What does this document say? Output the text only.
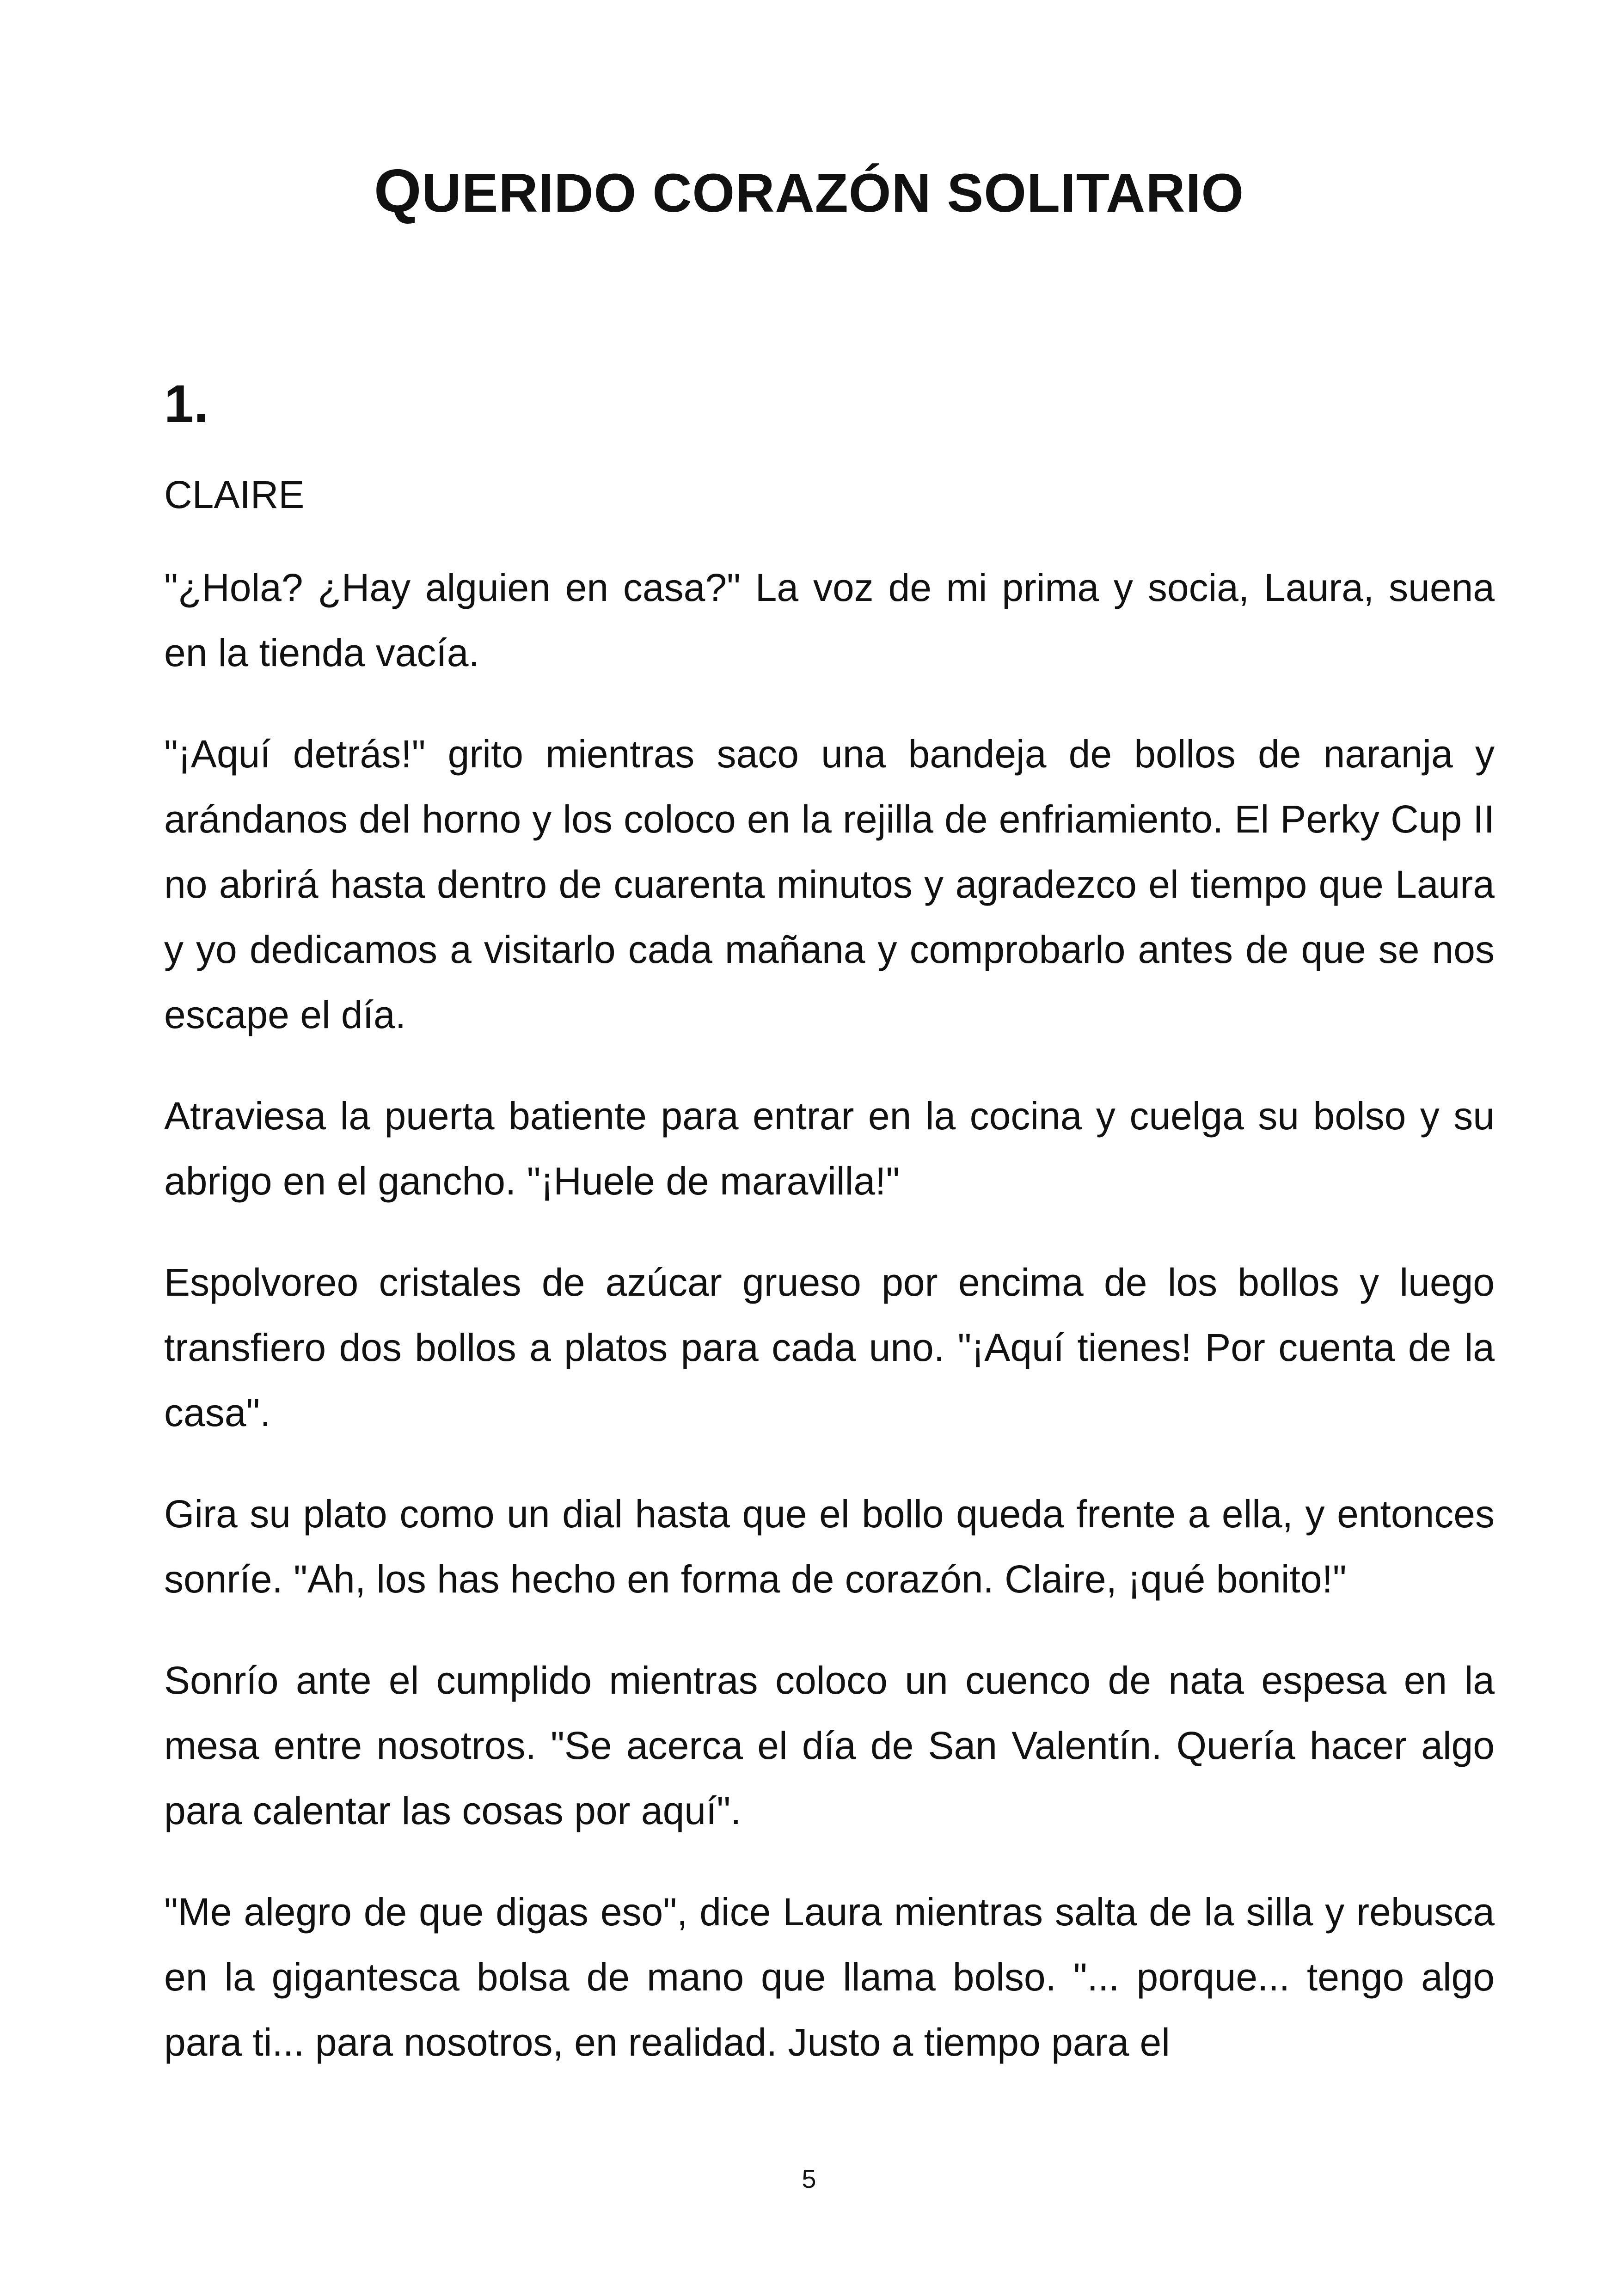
QUERIDO CORAZÓN SOLITARIO
1.

CLAIRE

"¿Hola? ¿Hay alguien en casa?" La voz de mi prima y socia, Laura, suena en la tienda vacía.

"¡Aquí detrás!" grito mientras saco una bandeja de bollos de naranja y arándanos del horno y los coloco en la rejilla de enfriamiento. El Perky Cup II no abrirá hasta dentro de cuarenta minutos y agradezco el tiempo que Laura y yo dedicamos a visitarlo cada mañana y comprobarlo antes de que se nos escape el día.

Atraviesa la puerta batiente para entrar en la cocina y cuelga su bolso y su abrigo en el gancho. "¡Huele de maravilla!"

Espolvoreo cristales de azúcar grueso por encima de los bollos y luego transfiero dos bollos a platos para cada uno. "¡Aquí tienes! Por cuenta de la casa".

Gira su plato como un dial hasta que el bollo queda frente a ella, y entonces sonríe. "Ah, los has hecho en forma de corazón. Claire, ¡qué bonito!"

Sonrío ante el cumplido mientras coloco un cuenco de nata espesa en la mesa entre nosotros. "Se acerca el día de San Valentín. Quería hacer algo para calentar las cosas por aquí".

"Me alegro de que digas eso", dice Laura mientras salta de la silla y rebusca en la gigantesca bolsa de mano que llama bolso. "... porque... tengo algo para ti... para nosotros, en realidad. Justo a tiempo para el

5
